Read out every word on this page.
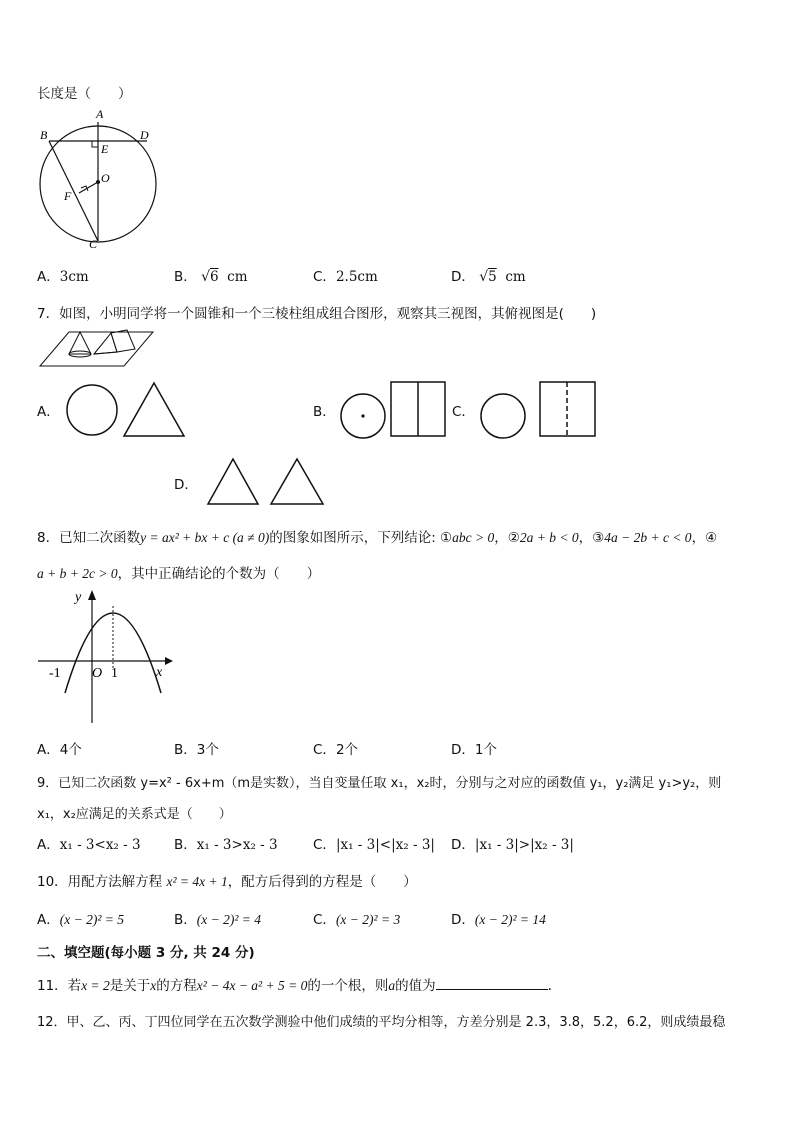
长度是（　　）
A
B	D
E
O
F
C
A．3cm	B． √6 cm	C．2.5cm	D． √5 cm
7．如图，小明同学将一个圆锥和一个三棱柱组成组合图形，观察其三视图，其俯视图是(　　)
A．	B．	C．
D．
8．已知二次函数y = ax² + bx + c (a ≠ 0)的图象如图所示，下列结论: ①abc > 0，②2a + b < 0，③4a − 2b + c < 0，④
a + b + 2c > 0，其中正确结论的个数为（　　）
y
x
-1 O 1
A．4个	B．3个	C．2个	D．1个
9．已知二次函数 y=x² - 6x+m（m是实数），当自变量任取 x₁，x₂时，分别与之对应的函数值 y₁，y₂满足 y₁>y₂，则
x₁，x₂应满足的关系式是（　　）
A．x₁ - 3<x₂ - 3 B．x₁ - 3>x₂ - 3	C．|x₁ - 3|<|x₂ - 3| D．|x₁ - 3|>|x₂ - 3|
10．用配方法解方程 x² = 4x + 1，配方后得到的方程是（　　）
A．(x − 2)² = 5	B．(x − 2)² = 4	C．(x − 2)² = 3	D．(x − 2)² = 14
二、填空题(每小题 3 分, 共 24 分)
11．若x = 2是关于x的方程x² − 4x − a² + 5 = 0的一个根，则a的值为	.
12．甲、乙、丙、丁四位同学在五次数学测验中他们成绩的平均分相等，方差分别是 2.3，3.8，5.2，6.2，则成绩最稳
